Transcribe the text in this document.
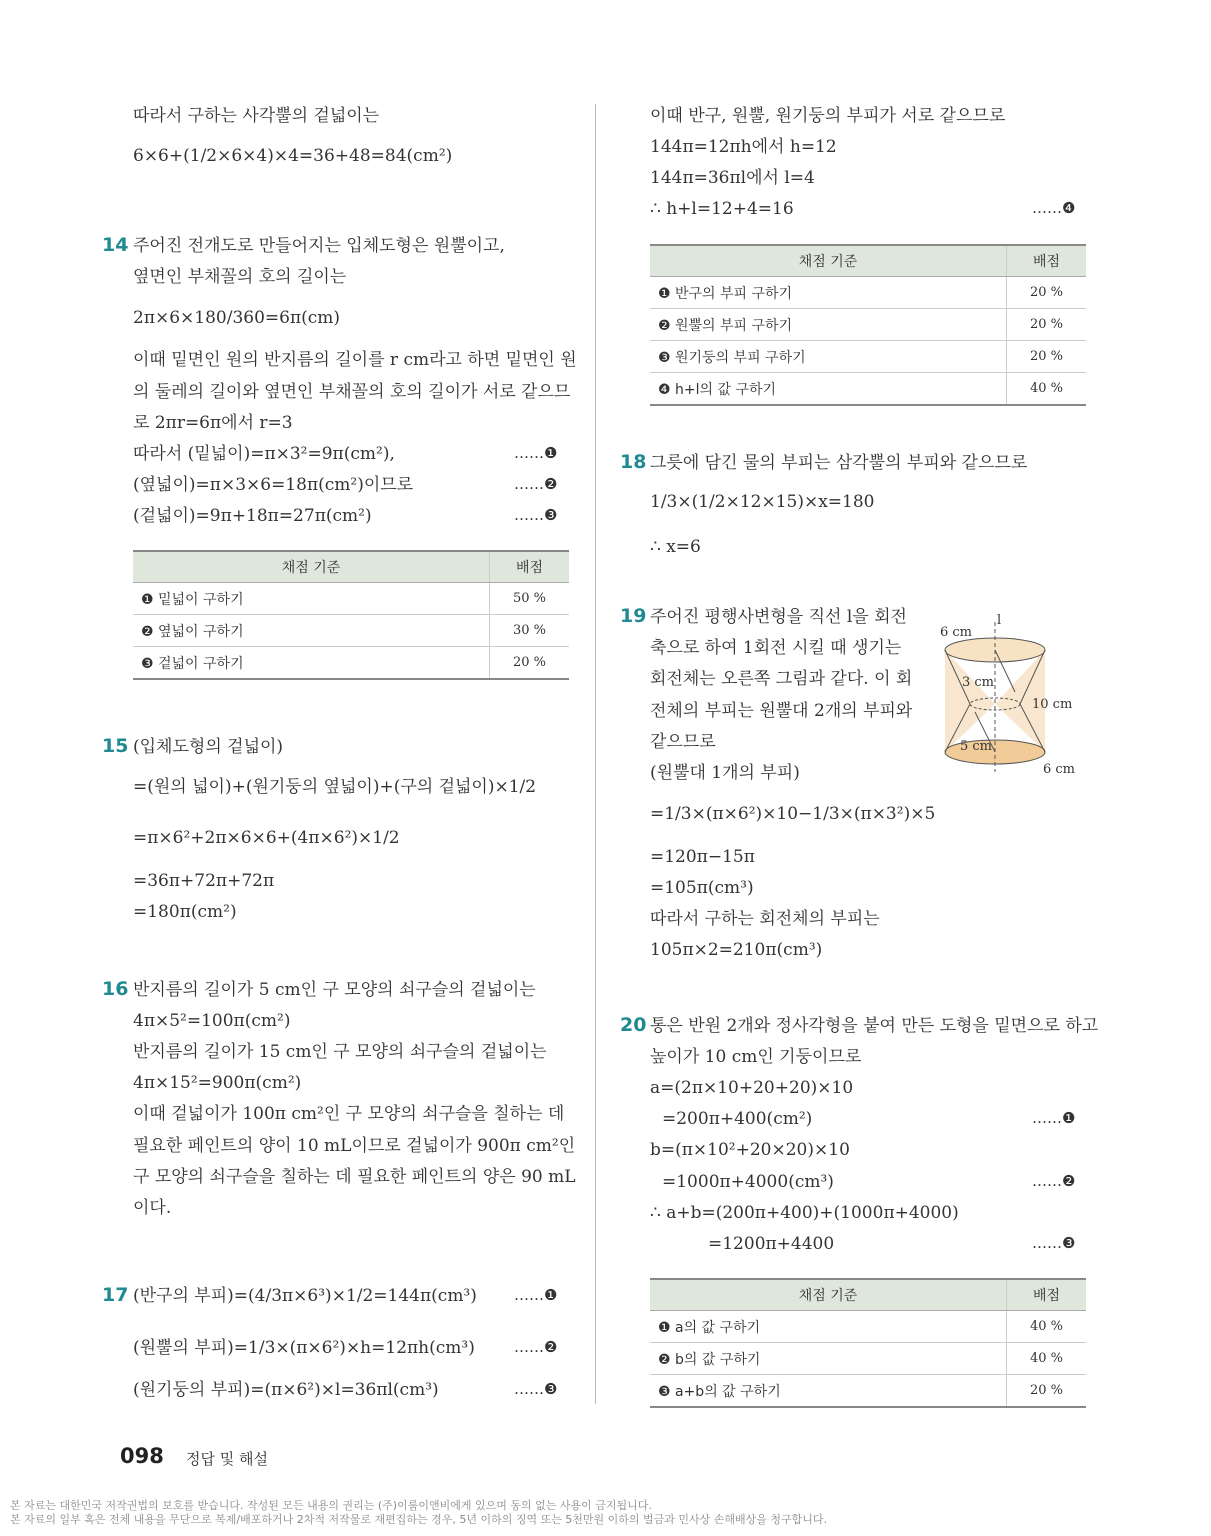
따라서 구하는 사각뿔의 겉넓이는
6×6+(1/2×6×4)×4=36+48=84(cm²)
14 주어진 전개도로 만들어지는 입체도형은 원뿔이고,
옆면인 부채꼴의 호의 길이는
2π×6×180/360=6π(cm)
이때 밑면인 원의 반지름의 길이를 r cm라고 하면 밑면인 원
의 둘레의 길이와 옆면인 부채꼴의 호의 길이가 서로 같으므
로 2πr=6π에서 r=3
따라서 (밑넓이)=π×3²=9π(cm²),	……❶
(옆넓이)=π×3×6=18π(cm²)이므로	……❷
(겉넓이)=9π+18π=27π(cm²)	……❸
채점 기준	배점
❶ 밑넓이 구하기	50 %
❷ 옆넓이 구하기	30 %
❸ 겉넓이 구하기	20 %
15 (입체도형의 겉넓이)
=(원의 넓이)+(원기둥의 옆넓이)+(구의 겉넓이)×1/2
=π×6²+2π×6×6+(4π×6²)×1/2
=36π+72π+72π
=180π(cm²)
16 반지름의 길이가 5 cm인 구 모양의 쇠구슬의 겉넓이는
4π×5²=100π(cm²)
반지름의 길이가 15 cm인 구 모양의 쇠구슬의 겉넓이는
4π×15²=900π(cm²)
이때 겉넓이가 100π cm²인 구 모양의 쇠구슬을 칠하는 데
필요한 페인트의 양이 10 mL이므로 겉넓이가 900π cm²인
구 모양의 쇠구슬을 칠하는 데 필요한 페인트의 양은 90 mL
이다.
17 (반구의 부피)=(4/3π×6³)×1/2=144π(cm³) ……❶
(원뿔의 부피)=1/3×(π×6²)×h=12πh(cm³)	……❷
(원기둥의 부피)=(π×6²)×l=36πl(cm³)	……❸
이때 반구, 원뿔, 원기둥의 부피가 서로 같으므로
144π=12πh에서 h=12
144π=36πl에서 l=4
∴ h+l=12+4=16	……❹
채점 기준	배점
❶ 반구의 부피 구하기	20 %
❷ 원뿔의 부피 구하기	20 %
❸ 원기둥의 부피 구하기	20 %
❹ h+l의 값 구하기	40 %
18 그릇에 담긴 물의 부피는 삼각뿔의 부피와 같으므로
1/3×(1/2×12×15)×x=180
∴ x=6
19 주어진 평행사변형을 직선 l을 회전
축으로 하여 1회전 시킬 때 생기는
회전체는 오른쪽 그림과 같다. 이 회
전체의 부피는 원뿔대 2개의 부피와
같으므로
(원뿔대 1개의 부피)
=1/3×(π×6²)×10−1/3×(π×3²)×5
=120π−15π
=105π(cm³)
따라서 구하는 회전체의 부피는
105π×2=210π(cm³)
l
6 cm
3 cm
10 cm
5 cm
6 cm
20 통은 반원 2개와 정사각형을 붙여 만든 도형을 밑면으로 하고
높이가 10 cm인 기둥이므로
a=(2π×10+20+20)×10
=200π+400(cm²)	……❶
b=(π×10²+20×20)×10
=1000π+4000(cm³)	……❷
∴ a+b=(200π+400)+(1000π+4000)
=1200π+4400	……❸
채점 기준	배점
❶ a의 값 구하기	40 %
❷ b의 값 구하기	40 %
❸ a+b의 값 구하기	20 %
098 정답 및 해설
본 자료는 대한민국 저작권법의 보호를 받습니다. 작성된 모든 내용의 권리는 (주)이룸이앤비에게 있으며 동의 없는 사용이 금지됩니다.
본 자료의 일부 혹은 전체 내용을 무단으로 복제/배포하거나 2차적 저작물로 재편집하는 경우, 5년 이하의 징역 또는 5천만원 이하의 벌금과 민사상 손해배상을 청구합니다.
